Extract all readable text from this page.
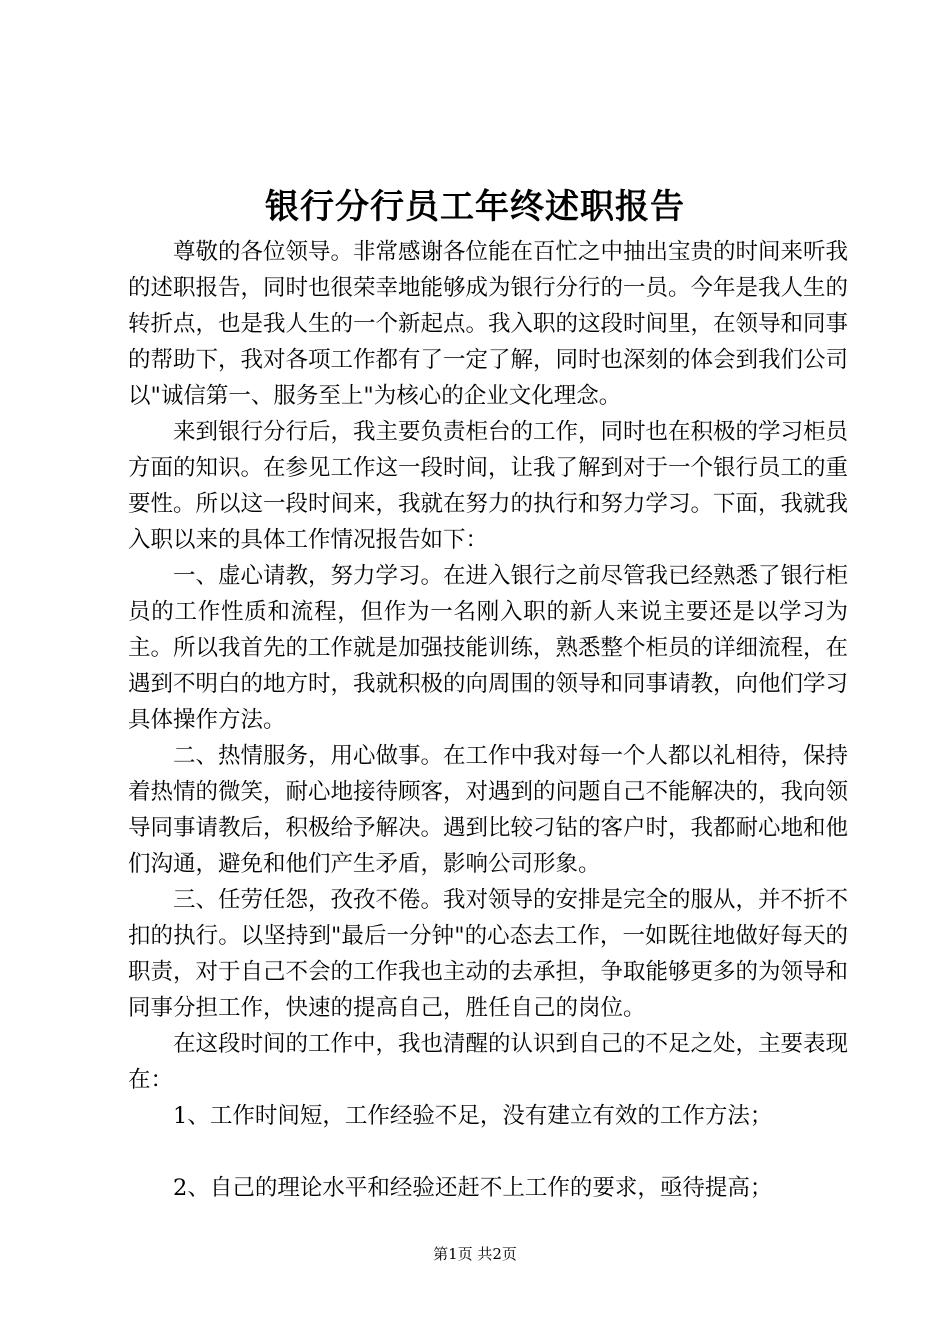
银行分行员工年终述职报告

尊敬的各位领导。非常感谢各位能在百忙之中抽出宝贵的时间来听我的述职报告，同时也很荣幸地能够成为银行分行的一员。今年是我人生的转折点，也是我人生的一个新起点。我入职的这段时间里，在领导和同事的帮助下，我对各项工作都有了一定了解，同时也深刻的体会到我们公司以"诚信第一、服务至上"为核心的企业文化理念。

来到银行分行后，我主要负责柜台的工作，同时也在积极的学习柜员方面的知识。在参见工作这一段时间，让我了解到对于一个银行员工的重要性。所以这一段时间来，我就在努力的执行和努力学习。下面，我就我入职以来的具体工作情况报告如下：

一、虚心请教，努力学习。在进入银行之前尽管我已经熟悉了银行柜员的工作性质和流程，但作为一名刚入职的新人来说主要还是以学习为主。所以我首先的工作就是加强技能训练，熟悉整个柜员的详细流程，在遇到不明白的地方时，我就积极的向周围的领导和同事请教，向他们学习具体操作方法。

二、热情服务，用心做事。在工作中我对每一个人都以礼相待，保持着热情的微笑，耐心地接待顾客，对遇到的问题自己不能解决的，我向领导同事请教后，积极给予解决。遇到比较刁钻的客户时，我都耐心地和他们沟通，避免和他们产生矛盾，影响公司形象。

三、任劳任怨，孜孜不倦。我对领导的安排是完全的服从，并不折不扣的执行。以坚持到"最后一分钟"的心态去工作，一如既往地做好每天的职责，对于自己不会的工作我也主动的去承担，争取能够更多的为领导和同事分担工作，快速的提高自己，胜任自己的岗位。

在这段时间的工作中，我也清醒的认识到自己的不足之处，主要表现在：

1、工作时间短，工作经验不足，没有建立有效的工作方法；

2、自己的理论水平和经验还赶不上工作的要求，亟待提高；

第1页 共2页
